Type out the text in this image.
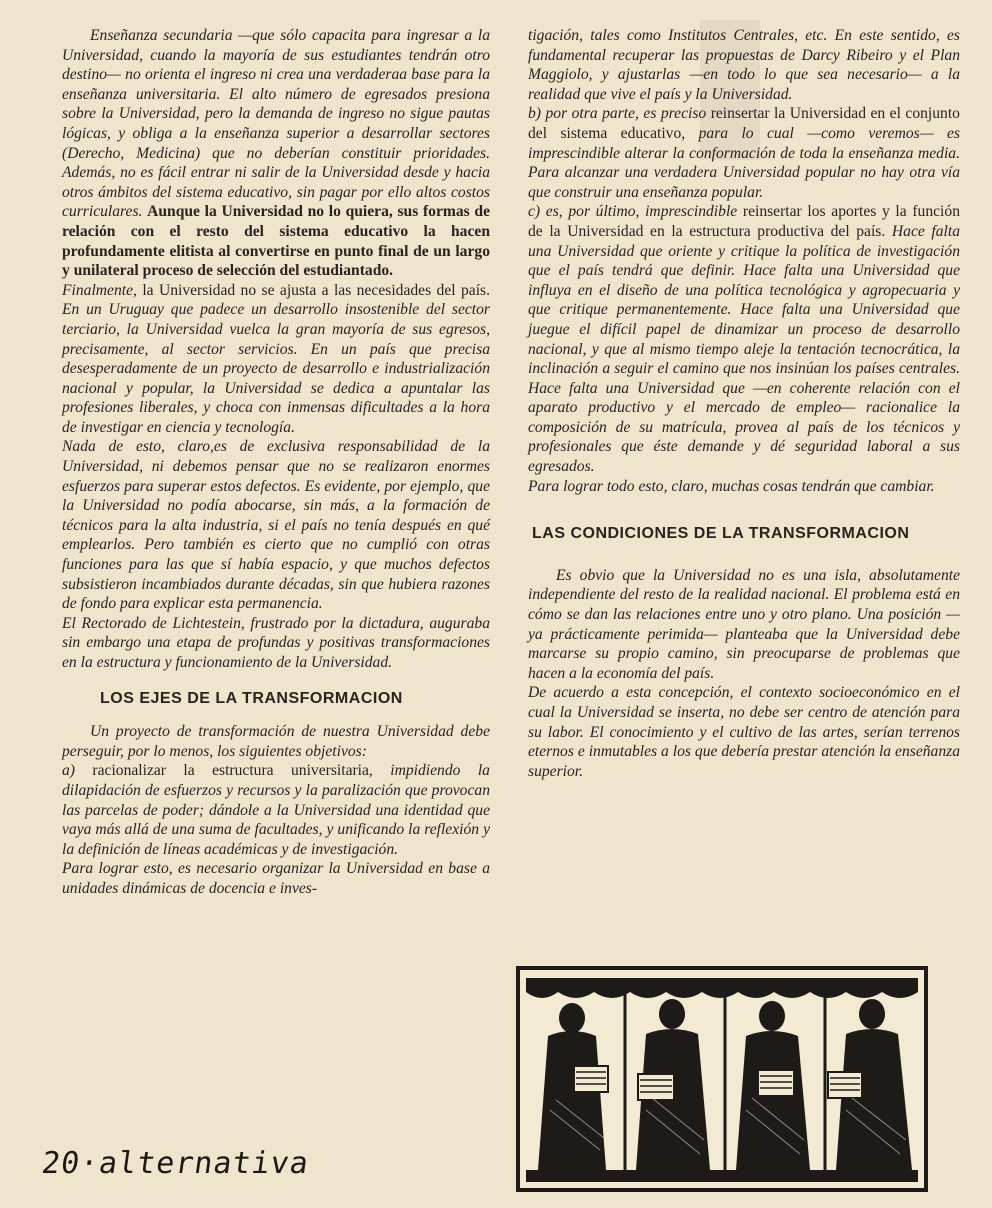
Enseñanza secundaria —que sólo capacita para ingresar a la Universidad, cuando la mayoría de sus estudiantes tendrán otro destino— no orienta el ingreso ni crea una verdaderaa base para la enseñanza universitaria. El alto número de egresados presiona sobre la Universidad, pero la demanda de ingreso no sigue pautas lógicas, y obliga a la enseñanza superior a desarrollar sectores (Derecho, Medicina) que no deberían constituir prioridades. Además, no es fácil entrar ni salir de la Universidad desde y hacia otros ámbitos del sistema educativo, sin pagar por ello altos costos curriculares. Aunque la Universidad no lo quiera, sus formas de relación con el resto del sistema educativo la hacen profundamente elitista al convertirse en punto final de un largo y unilateral proceso de selección del estudiantado.

Finalmente, la Universidad no se ajusta a las necesidades del país. En un Uruguay que padece un desarrollo insostenible del sector terciario, la Universidad vuelca la gran mayoría de sus egresos, precisamente, al sector servicios. En un país que precisa desesperadamente de un proyecto de desarrollo e industrialización nacional y popular, la Universidad se dedica a apuntalar las profesiones liberales, y choca con inmensas dificultades a la hora de investigar en ciencia y tecnología.

Nada de esto, claro,es de exclusiva responsabilidad de la Universidad, ni debemos pensar que no se realizaron enormes esfuerzos para superar estos defectos. Es evidente, por ejemplo, que la Universidad no podía abocarse, sin más, a la formación de técnicos para la alta industria, si el país no tenía después en qué emplearlos. Pero también es cierto que no cumplió con otras funciones para las que sí había espacio, y que muchos defectos subsistieron incambiados durante décadas, sin que hubiera razones de fondo para explicar esta permanencia.

El Rectorado de Lichtestein, frustrado por la dictadura, auguraba sin embargo una etapa de profundas y positivas transformaciones en la estructura y funcionamiento de la Universidad.

LOS EJES DE LA TRANSFORMACION

Un proyecto de transformación de nuestra Universidad debe perseguir, por lo menos, los siguientes objetivos:

a) racionalizar la estructura universitaria, impidiendo la dilapidación de esfuerzos y recursos y la paralización que provocan las parcelas de poder; dándole a la Universidad una identidad que vaya más allá de una suma de facultades, y unificando la reflexión y la definición de líneas académicas y de investigación.

Para lograr esto, es necesario organizar la Universidad en base a unidades dinámicas de docencia e inves-

tigación, tales como Institutos Centrales, etc. En este sentido, es fundamental recuperar las propuestas de Darcy Ribeiro y el Plan Maggiolo, y ajustarlas —en todo lo que sea necesario— a la realidad que vive el país y la Universidad.

b) por otra parte, es preciso reinsertar la Universidad en el conjunto del sistema educativo, para lo cual —como veremos— es imprescindible alterar la conformación de toda la enseñanza media. Para alcanzar una verdadera Universidad popular no hay otra vía que construir una enseñanza popular.

c) es, por último, imprescindible reinsertar los aportes y la función de la Universidad en la estructura productiva del país. Hace falta una Universidad que oriente y critique la política de investigación que el país tendrá que definir. Hace falta una Universidad que influya en el diseño de una política tecnológica y agropecuaria y que critique permanentemente. Hace falta una Universidad que juegue el difícil papel de dinamizar un proceso de desarrollo nacional, y que al mismo tiempo aleje la tentación tecnocrática, la inclinación a seguir el camino que nos insinúan los países centrales. Hace falta una Universidad que —en coherente relación con el aparato productivo y el mercado de empleo— racionalice la composición de su matrícula, provea al país de los técnicos y profesionales que éste demande y dé seguridad laboral a sus egresados.

Para lograr todo esto, claro, muchas cosas tendrán que cambiar.

LAS CONDICIONES DE LA TRANSFORMACION

Es obvio que la Universidad no es una isla, absolutamente independiente del resto de la realidad nacional. El problema está en cómo se dan las relaciones entre uno y otro plano. Una posición —ya prácticamente perimida— planteaba que la Universidad debe marcarse su propio camino, sin preocuparse de problemas que hacen a la economía del país.

De acuerdo a esta concepción, el contexto socioeconómico en el cual la Universidad se inserta, no debe ser centro de atención para su labor. El conocimiento y el cultivo de las artes, serían terrenos eternos e inmutables a los que debería prestar atención la enseñanza superior.

20·alternativa
